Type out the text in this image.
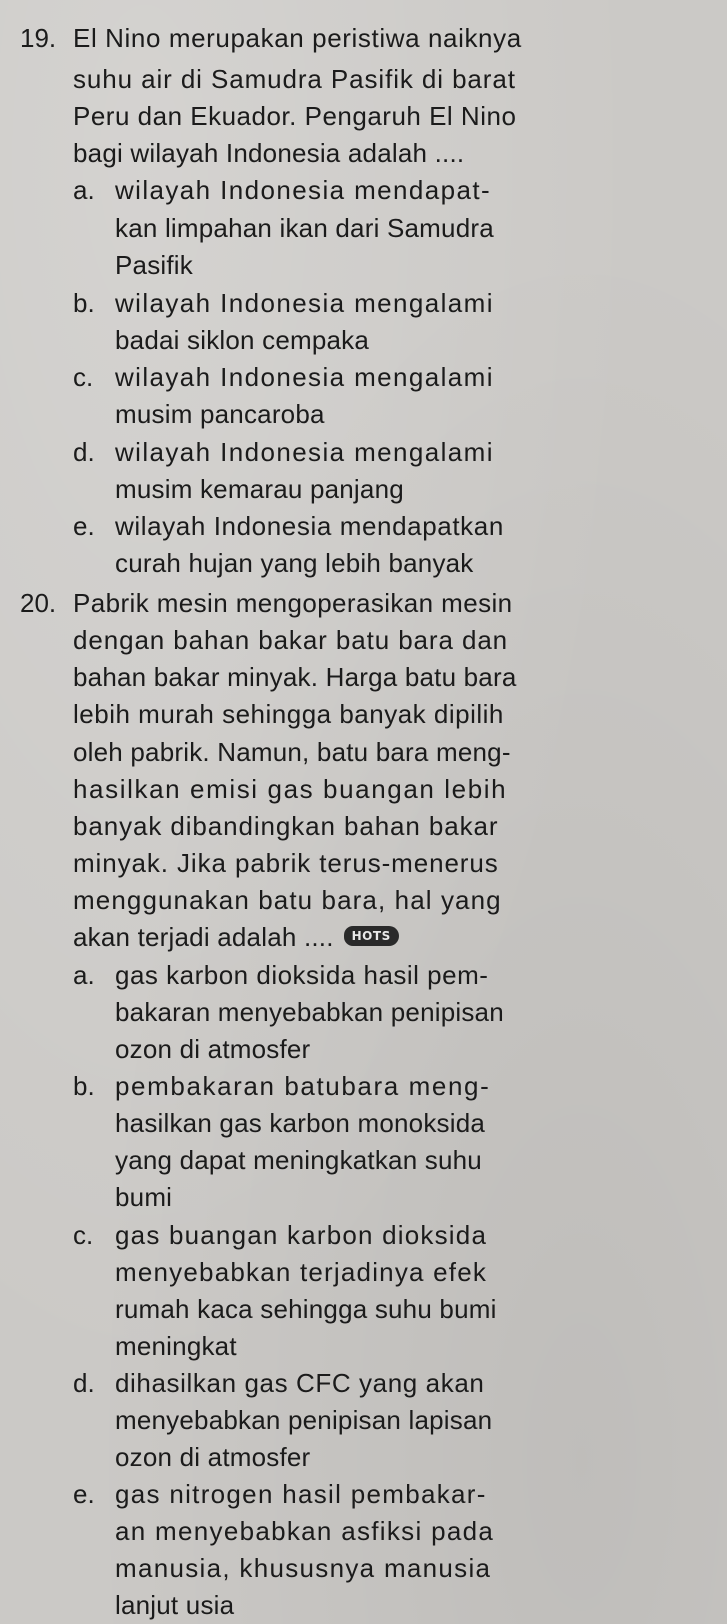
19. El Nino merupakan peristiwa naiknya
suhu air di Samudra Pasifik di barat
Peru dan Ekuador. Pengaruh El Nino
bagi wilayah Indonesia adalah ....
a. wilayah Indonesia mendapat-
kan limpahan ikan dari Samudra
Pasifik
b. wilayah Indonesia mengalami
badai siklon cempaka
c. wilayah Indonesia mengalami
musim pancaroba
d. wilayah Indonesia mengalami
musim kemarau panjang
e. wilayah Indonesia mendapatkan
curah hujan yang lebih banyak
20. Pabrik mesin mengoperasikan mesin
dengan bahan bakar batu bara dan
bahan bakar minyak. Harga batu bara
lebih murah sehingga banyak dipilih
oleh pabrik. Namun, batu bara meng-
hasilkan emisi gas buangan lebih
banyak dibandingkan bahan bakar
minyak. Jika pabrik terus-menerus
menggunakan batu bara, hal yang
akan terjadi adalah .... HOTS
a. gas karbon dioksida hasil pem-
bakaran menyebabkan penipisan
ozon di atmosfer
b. pembakaran batubara meng-
hasilkan gas karbon monoksida
yang dapat meningkatkan suhu
bumi
c. gas buangan karbon dioksida
menyebabkan terjadinya efek
rumah kaca sehingga suhu bumi
meningkat
d. dihasilkan gas CFC yang akan
menyebabkan penipisan lapisan
ozon di atmosfer
e. gas nitrogen hasil pembakar-
an menyebabkan asfiksi pada
manusia, khususnya manusia
lanjut usia
